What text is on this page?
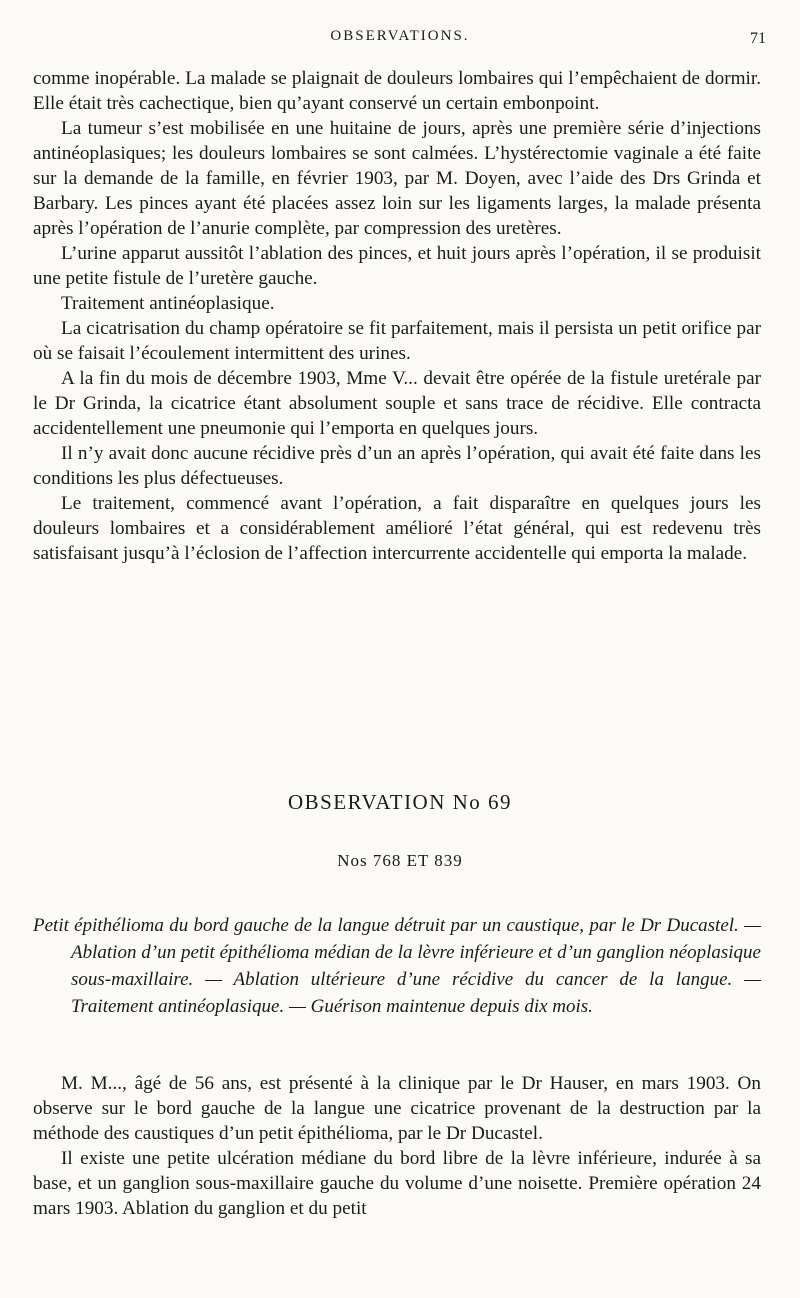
OBSERVATIONS.	71

comme inopérable. La malade se plaignait de douleurs lombaires qui l’empêchaient de dormir. Elle était très cachectique, bien qu’ayant conservé un certain embonpoint.

La tumeur s’est mobilisée en une huitaine de jours, après une première série d’injections antinéoplasiques; les douleurs lombaires se sont calmées. L’hystérectomie vaginale a été faite sur la demande de la famille, en février 1903, par M. Doyen, avec l’aide des Drs Grinda et Barbary. Les pinces ayant été placées assez loin sur les ligaments larges, la malade présenta après l’opération de l’anurie complète, par compression des uretères.

L’urine apparut aussitôt l’ablation des pinces, et huit jours après l’opération, il se produisit une petite fistule de l’uretère gauche.

Traitement antinéoplasique.

La cicatrisation du champ opératoire se fit parfaitement, mais il persista un petit orifice par où se faisait l’écoulement intermittent des urines.

A la fin du mois de décembre 1903, Mme V... devait être opérée de la fistule uretérale par le Dr Grinda, la cicatrice étant absolument souple et sans trace de récidive. Elle contracta accidentellement une pneumonie qui l’emporta en quelques jours.

Il n’y avait donc aucune récidive près d’un an après l’opération, qui avait été faite dans les conditions les plus défectueuses.

Le traitement, commencé avant l’opération, a fait disparaître en quelques jours les douleurs lombaires et a considérablement amélioré l’état général, qui est redevenu très satisfaisant jusqu’à l’éclosion de l’affection intercurrente accidentelle qui emporta la malade.

OBSERVATION No 69
Nos 768 ET 839
Petit épithélioma du bord gauche de la langue détruit par un caustique, par le Dr Ducastel. — Ablation d’un petit épithélioma médian de la lèvre inférieure et d’un ganglion néoplasique sous-maxillaire. — Ablation ultérieure d’une récidive du cancer de la langue. — Traitement antinéoplasique. — Guérison maintenue depuis dix mois.

M. M..., âgé de 56 ans, est présenté à la clinique par le Dr Hauser, en mars 1903. On observe sur le bord gauche de la langue une cicatrice provenant de la destruction par la méthode des caustiques d’un petit épithélioma, par le Dr Ducastel.

Il existe une petite ulcération médiane du bord libre de la lèvre inférieure, indurée à sa base, et un ganglion sous-maxillaire gauche du volume d’une noisette. Première opération 24 mars 1903. Ablation du ganglion et du petit
